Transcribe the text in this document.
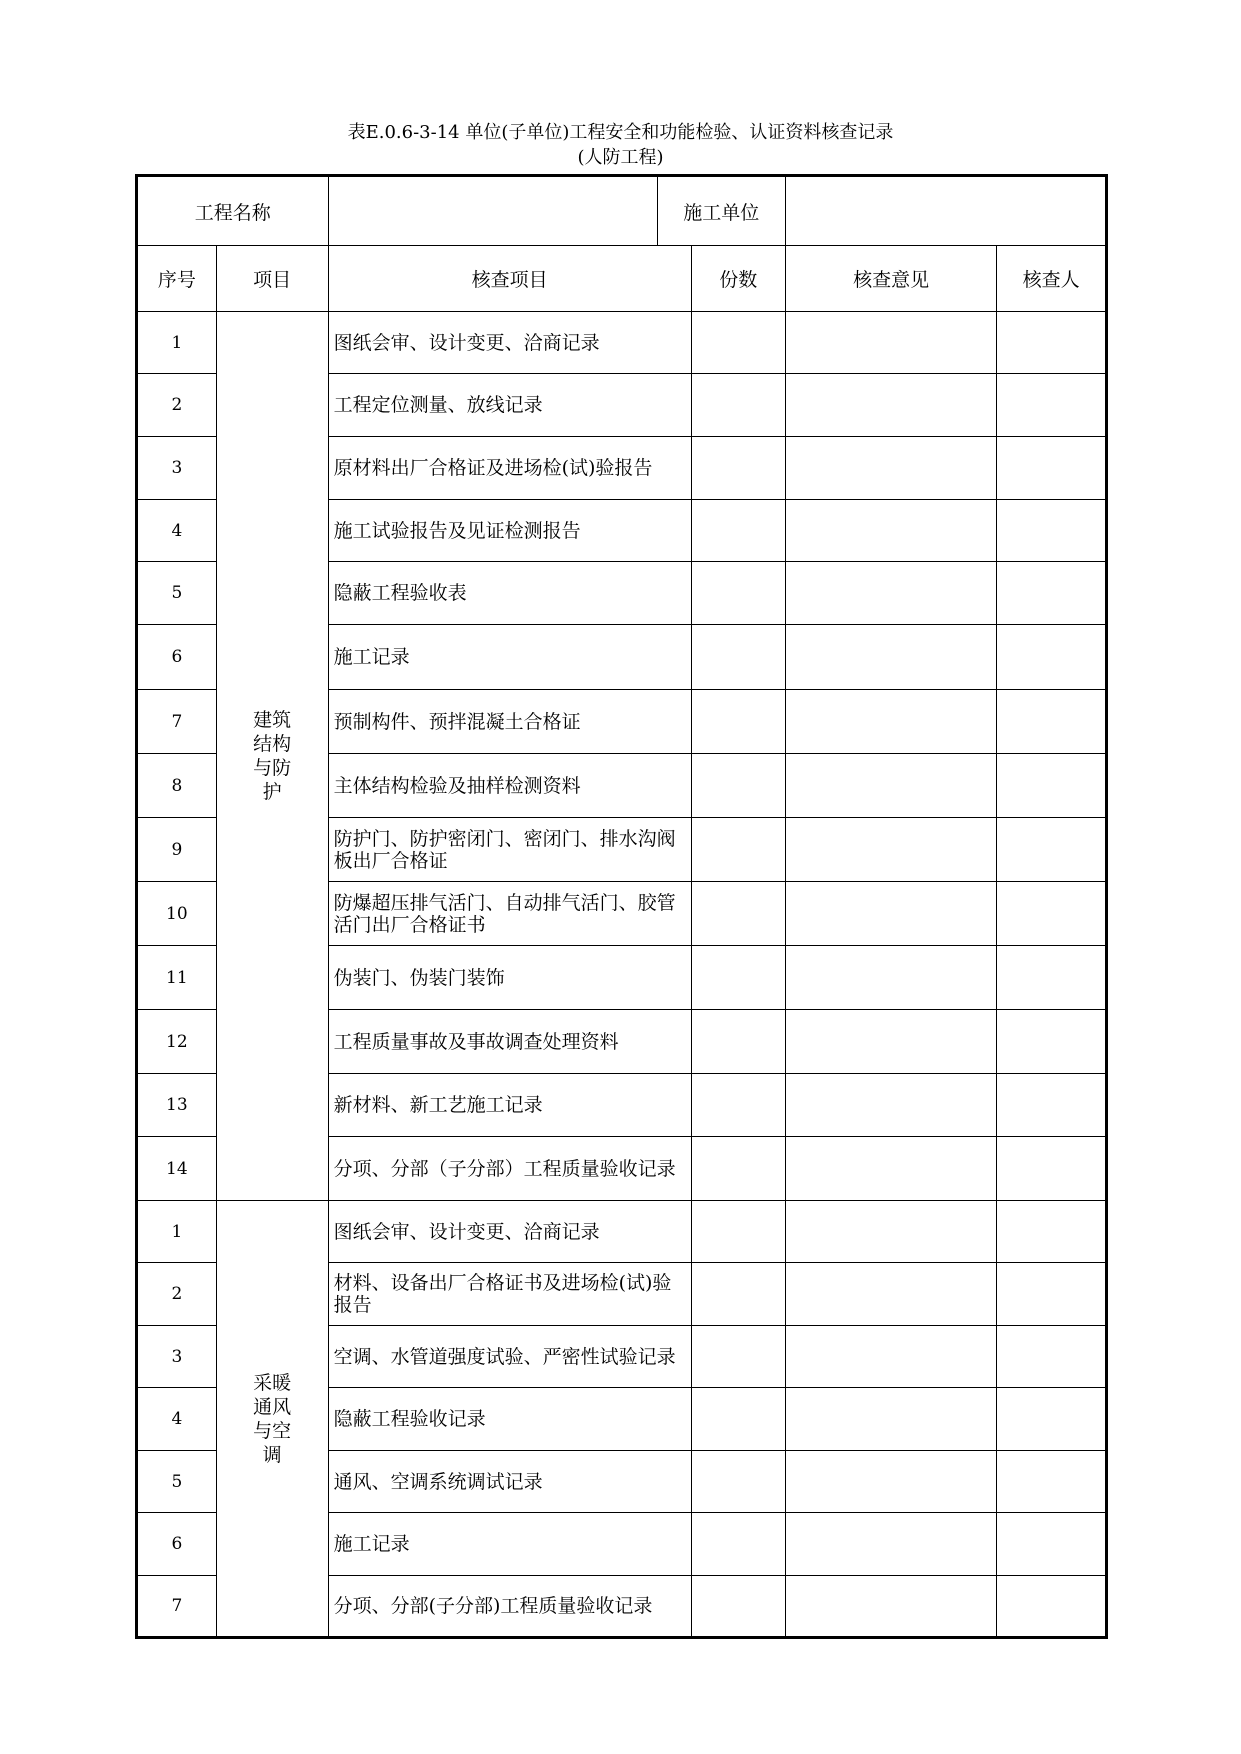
表E.0.6-3-14 单位(子单位)工程安全和功能检验、认证资料核查记录
(人防工程)
工程名称		施工单位			

序号	项目	核查项目	份数	核查意见	核查人
1	建筑
结构
与防
护	图纸会审、设计变更、洽商记录			
2		工程定位测量、放线记录			
3		原材料出厂合格证及进场检(试)验报告			
4		施工试验报告及见证检测报告			
5		隐蔽工程验收表			
6		施工记录			
7		预制构件、预拌混凝土合格证			
8		主体结构检验及抽样检测资料			
9		防护门、防护密闭门、密闭门、排水沟阀板出厂合格证			
10		防爆超压排气活门、自动排气活门、胶管活门出厂合格证书			
11		伪装门、伪装门装饰			
12		工程质量事故及事故调查处理资料			
13		新材料、新工艺施工记录			
14		分项、分部（子分部）工程质量验收记录			
1	采暖
通风
与空
调	图纸会审、设计变更、洽商记录			
2		材料、设备出厂合格证书及进场检(试)验报告			
3		空调、水管道强度试验、严密性试验记录			
4		隐蔽工程验收记录			
5		通风、空调系统调试记录			
6		施工记录			
7		分项、分部(子分部)工程质量验收记录			
